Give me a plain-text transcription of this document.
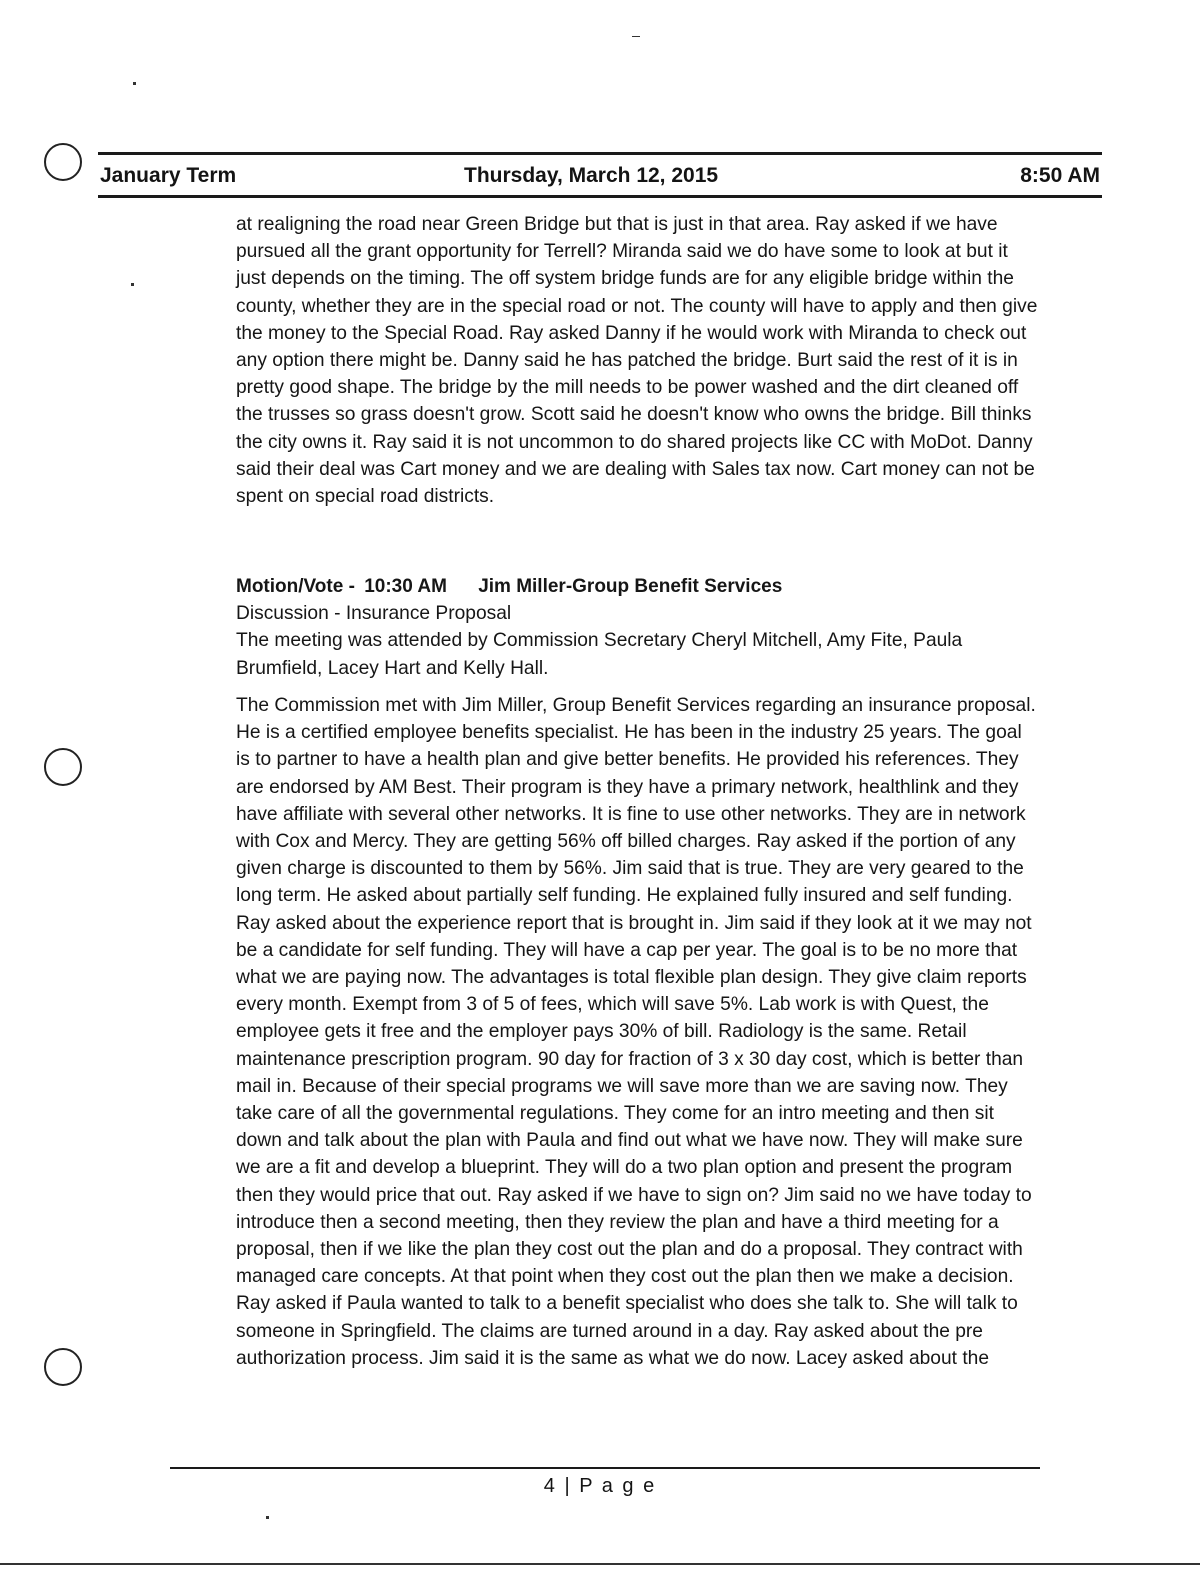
January Term	Thursday, March 12, 2015	8:50 AM

at realigning the road near Green Bridge but that is just in that area. Ray asked if we have pursued all the grant opportunity for Terrell? Miranda said we do have some to look at but it just depends on the timing. The off system bridge funds are for any eligible bridge within the county, whether they are in the special road or not. The county will have to apply and then give the money to the Special Road. Ray asked Danny if he would work with Miranda to check out any option there might be. Danny said he has patched the bridge. Burt said the rest of it is in pretty good shape. The bridge by the mill needs to be power washed and the dirt cleaned off the trusses so grass doesn't grow. Scott said he doesn't know who owns the bridge. Bill thinks the city owns it. Ray said it is not uncommon to do shared projects like CC with MoDot. Danny said their deal was Cart money and we are dealing with Sales tax now. Cart money can not be spent on special road districts.

Motion/Vote - 10:30 AM Jim Miller-Group Benefit Services

Discussion - Insurance Proposal

The meeting was attended by Commission Secretary Cheryl Mitchell, Amy Fite, Paula Brumfield, Lacey Hart and Kelly Hall.

The Commission met with Jim Miller, Group Benefit Services regarding an insurance proposal. He is a certified employee benefits specialist. He has been in the industry 25 years. The goal is to partner to have a health plan and give better benefits. He provided his references. They are endorsed by AM Best. Their program is they have a primary network, healthlink and they have affiliate with several other networks. It is fine to use other networks. They are in network with Cox and Mercy. They are getting 56% off billed charges. Ray asked if the portion of any given charge is discounted to them by 56%. Jim said that is true. They are very geared to the long term. He asked about partially self funding. He explained fully insured and self funding. Ray asked about the experience report that is brought in. Jim said if they look at it we may not be a candidate for self funding. They will have a cap per year. The goal is to be no more that what we are paying now. The advantages is total flexible plan design. They give claim reports every month. Exempt from 3 of 5 of fees, which will save 5%. Lab work is with Quest, the employee gets it free and the employer pays 30% of bill. Radiology is the same. Retail maintenance prescription program. 90 day for fraction of 3 x 30 day cost, which is better than mail in. Because of their special programs we will save more than we are saving now. They take care of all the governmental regulations. They come for an intro meeting and then sit down and talk about the plan with Paula and find out what we have now. They will make sure we are a fit and develop a blueprint. They will do a two plan option and present the program then they would price that out. Ray asked if we have to sign on? Jim said no we have today to introduce then a second meeting, then they review the plan and have a third meeting for a proposal, then if we like the plan they cost out the plan and do a proposal. They contract with managed care concepts. At that point when they cost out the plan then we make a decision. Ray asked if Paula wanted to talk to a benefit specialist who does she talk to. She will talk to someone in Springfield. The claims are turned around in a day. Ray asked about the pre authorization process. Jim said it is the same as what we do now. Lacey asked about the

4 | P a g e
